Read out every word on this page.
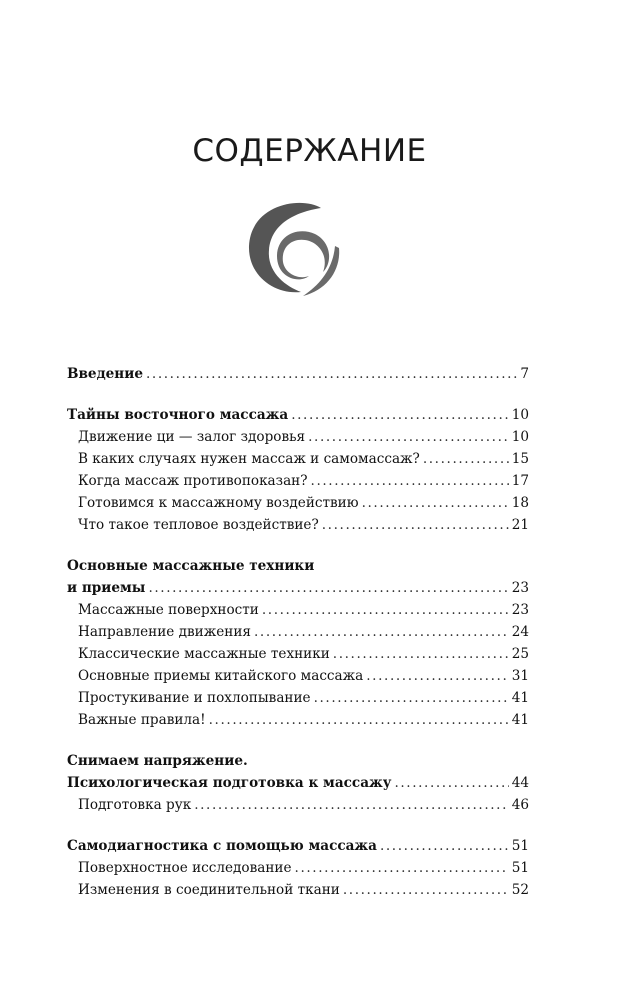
СОДЕРЖАНИЕ
Введение .....	7
Тайны восточного массажа .....	10
Движение ци — залог здоровья .....	10
В каких случаях нужен массаж и самомассаж? .....	15
Когда массаж противопоказан? .....	17
Готовимся к массажному воздействию .....	18
Что такое тепловое воздействие? .....	21
Основные массажные техники
и приемы .....	23
Массажные поверхности .....	23
Направление движения .....	24
Классические массажные техники .....	25
Основные приемы китайского массажа .....	31
Простукивание и похлопывание .....	41
Важные правила! .....	41
Снимаем напряжение.
Психологическая подготовка к массажу .....	44
Подготовка рук .....	46
Самодиагностика с помощью массажа .....	51
Поверхностное исследование .....	51
Изменения в соединительной ткани .....	52
